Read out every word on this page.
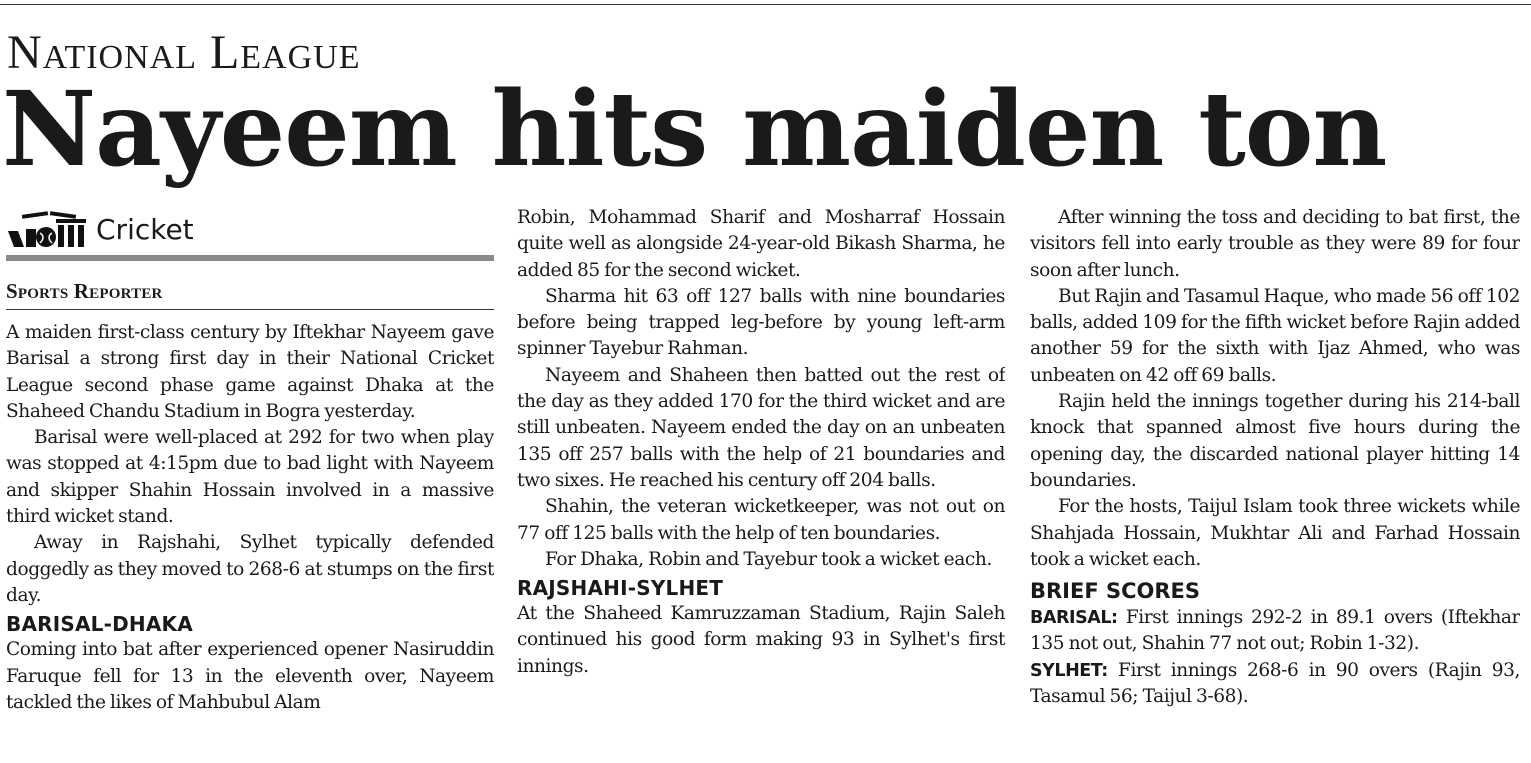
National League
Nayeem hits maiden ton
Cricket
Sports Reporter

A maiden first-class century by Iftekhar Nayeem gave Barisal a strong first day in their National Cricket League second phase game against Dhaka at the Shaheed Chandu Stadium in Bogra yesterday.

Barisal were well-placed at 292 for two when play was stopped at 4:15pm due to bad light with Nayeem and skipper Shahin Hossain involved in a massive third wicket stand.

Away in Rajshahi, Sylhet typically defended doggedly as they moved to 268-6 at stumps on the first day.

BARISAL-DHAKA

Coming into bat after experienced opener Nasiruddin Faruque fell for 13 in the eleventh over, Nayeem tackled the likes of Mahbubul Alam

Robin, Mohammad Sharif and Mosharraf Hossain quite well as alongside 24-year-old Bikash Sharma, he added 85 for the second wicket.

Sharma hit 63 off 127 balls with nine boundaries before being trapped leg-before by young left-arm spinner Tayebur Rahman.

Nayeem and Shaheen then batted out the rest of the day as they added 170 for the third wicket and are still unbeaten. Nayeem ended the day on an unbeaten 135 off 257 balls with the help of 21 boundaries and two sixes. He reached his century off 204 balls.

Shahin, the veteran wicketkeeper, was not out on 77 off 125 balls with the help of ten boundaries.

For Dhaka, Robin and Tayebur took a wicket each.

RAJSHAHI-SYLHET

At the Shaheed Kamruzzaman Stadium, Rajin Saleh continued his good form making 93 in Sylhet's first innings.

After winning the toss and deciding to bat first, the visitors fell into early trouble as they were 89 for four soon after lunch.

But Rajin and Tasamul Haque, who made 56 off 102 balls, added 109 for the fifth wicket before Rajin added another 59 for the sixth with Ijaz Ahmed, who was unbeaten on 42 off 69 balls.

Rajin held the innings together during his 214-ball knock that spanned almost five hours during the opening day, the discarded national player hitting 14 boundaries.

For the hosts, Taijul Islam took three wickets while Shahjada Hossain, Mukhtar Ali and Farhad Hossain took a wicket each.

BRIEF SCORES

BARISAL: First innings 292-2 in 89.1 overs (Iftekhar 135 not out, Shahin 77 not out; Robin 1-32).

SYLHET: First innings 268-6 in 90 overs (Rajin 93, Tasamul 56; Taijul 3-68).
